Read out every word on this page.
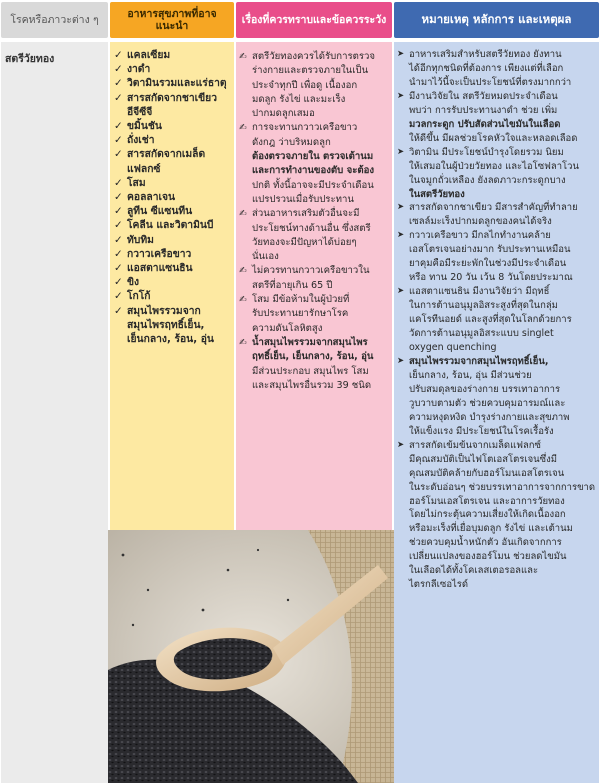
โรคหรือภาวะต่าง ๆ
อาหารสุขภาพที่อาจแนะนำ
เรื่องที่ควรทราบและข้อควรระวัง	หมายเหตุ หลักการ และเหตุผล
สตรีวัยทอง	✓ แคลเซียม
✓ งาดำ
✓ วิตามินรวมและแร่ธาตุ
✓ สารสกัดจากชาเขียว
อีจีซีจี
✓ ขมิ้นชัน
✓ ถั่งเช่า
✓ สารสกัดจากเมล็ดแฟลกซ์
✓ โสม
✓ คอลลาเจน
✓ ลูทีน ซีแซนทีน
✓ โคลีน และวิตามินบี
✓ ทับทิม
✓ กวาวเครือขาว
✓ แอสตาแซนธิน
✓ ขิง
✓ โกโก้
✓ สมุนไพรรวมจาก
สมุนไพรฤทธิ์เย็น,
เย็นกลาง, ร้อน, อุ่น
✍ สตรีวัยทองควรได้รับการตรวจ
ร่างกายและตรวจภายในเป็น
ประจำทุกปี เพื่อดู เนื้องอก
มดลูก รังไข่ และมะเร็ง
ปากมดลูกเสมอ
✍ การจะทานกวาวเครือขาว
ดังกฎ ว่าบริหมดลูก
ต้องตรวจภายใน ตรวจเต้านม
และการทำงานของตับ จะต้อง
ปกติ ทั้งนี้อาจจะมีประจำเดือน
แปรปรวนเมื่อรับประทาน
✍ ส่วนอาหารเสริมตัวอื่นจะมี
ประโยชน์ทางด้านอื่น ซึ่งสตรี
วัยทองจะมีปัญหาได้บ่อยๆ
นั่นเอง
✍ ไม่ควรทานกวาวเครือขาวใน
สตรีที่อายุเกิน 65 ปี
✍ โสม มีข้อห้ามในผู้ป่วยที่
รับประทานยารักษาโรค
ความดันโลหิตสูง
✍ น้ำสมุนไพรรวมจากสมุนไพร
ฤทธิ์เย็น, เย็นกลาง, ร้อน, อุ่น
มีส่วนประกอบ สมุนไพร โสม
และสมุนไพรอื่นรวม 39 ชนิด
➤ อาหารเสริมสำหรับสตรีวัยทอง ยังทาน
ได้อีกทุกชนิดที่ต้องการ เพียงแต่ที่เลือก
นำมาไว้นี้จะเป็นประโยชน์ที่ตรงมากกว่า
➤ มีงานวิจัยใน สตรีวัยหมดประจำเดือน
พบว่า การรับประทานงาดำ ช่วย เพิ่ม
มวลกระดูก ปรับสัดส่วนไขมันในเลือด
ให้ดีขึ้น มีผลช่วยโรคหัวใจและหลอดเลือด
➤ วิตามิน มีประโยชน์บำรุงโดยรวม นิยม
ให้เสมอในผู้ป่วยวัยทอง และไอโซฟลาโวน
ในจมูกถั่วเหลือง ยังลดภาวะกระดูกบาง
ในสตรีวัยทอง
➤ สารสกัดจากชาเขียว มีสารสำคัญที่ทำลาย
เซลล์มะเร็งปากมดลูกของคนได้จริง
➤ กวาวเครือขาว มีกลไกทำงานคล้าย
เอสโตรเจนอย่างมาก รับประทานเหมือน
ยาคุมคือมีระยะพักในช่วงมีประจำเดือน
หรือ ทาน 20 วัน เว้น 8 วันโดยประมาณ
➤ แอสตาแซนธิน มีงานวิจัยว่า มีฤทธิ์
ในการต้านอนุมูลอิสระสูงที่สุดในกลุ่ม
แคโรทีนอยด์ และสูงที่สุดในโลกด้วยการ
วัดการต้านอนุมูลอิสระแบบ singlet
oxygen quenching
➤ สมุนไพรรวมจากสมุนไพรฤทธิ์เย็น,
เย็นกลาง, ร้อน, อุ่น มีส่วนช่วย
ปรับสมดุลของร่างกาย บรรเทาอาการ
วูบวาบตามตัว ช่วยควบคุมอารมณ์และ
ความหงุดหงิด บำรุงร่างกายและสุขภาพ
ให้แข็งแรง มีประโยชน์ในโรคเรื้อรัง
➤ สารสกัดเข้มข้นจากเมล็ดแฟลกซ์
มีคุณสมบัติเป็นไฟโตเอสโตรเจนซึ่งมี
คุณสมบัติคล้ายกับฮอร์โมนเอสโตรเจน
ในระดับอ่อนๆ ช่วยบรรเทาอาการจากการขาด
ฮอร์โมนเอสโตรเจน และอาการวัยทอง
โดยไม่กระตุ้นความเสี่ยงให้เกิดเนื้องอก
หรือมะเร็งที่เยื่อบุมดลูก รังไข่ และเต้านม
ช่วยควบคุมน้ำหนักตัว อันเกิดจากการ
เปลี่ยนแปลงของฮอร์โมน ช่วยลดไขมัน
ในเลือดได้ทั้งโคเลสเตอรอลและ
ไตรกลีเซอไรด์
